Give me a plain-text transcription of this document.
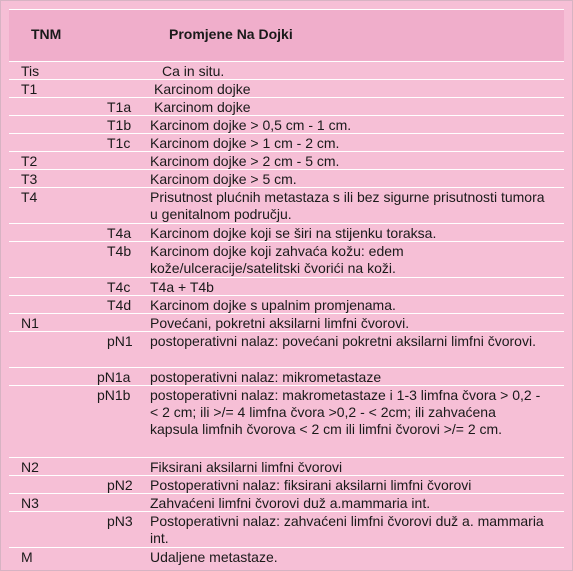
TNM	Promjene Na Dojki
Tis	Ca in situ.
T1	Karcinom dojke
T1a Karcinom dojke
T1b Karcinom dojke > 0,5 cm - 1 cm.
T1c Karcinom dojke > 1 cm - 2 cm.
T2	Karcinom dojke > 2 cm - 5 cm.
T3	Karcinom dojke > 5 cm.
T4	Prisutnost plućnih metastaza s ili bez sigurne prisutnosti tumora u genitalnom području.
T4a Karcinom dojke koji se širi na stijenku toraksa.
T4b Karcinom dojke koji zahvaća kožu: edem kože/ulceracije/satelitski čvorići na koži.
T4c T4a + T4b
T4d Karcinom dojke s upalnim promjenama.
N1	Povećani, pokretni aksilarni limfni čvorovi.
pN1 postoperativni nalaz: povećani pokretni aksilarni limfni čvorovi.
pN1a postoperativni nalaz: mikrometastaze
pN1b postoperativni nalaz: makrometastaze i 1-3 limfna čvora > 0,2 - < 2 cm; ili >/= 4 limfna čvora >0,2 - < 2cm; ili zahvaćena kapsula limfnih čvorova < 2 cm ili limfni čvorovi >/= 2 cm.
N2	Fiksirani aksilarni limfni čvorovi
pN2 Postoperativni nalaz: fiksirani aksilarni limfni čvorovi
N3	Zahvaćeni limfni čvorovi duž a.mammaria int.
pN3 Postoperativni nalaz: zahvaćeni limfni čvorovi duž a. mammaria int.
M	Udaljene metastaze.
